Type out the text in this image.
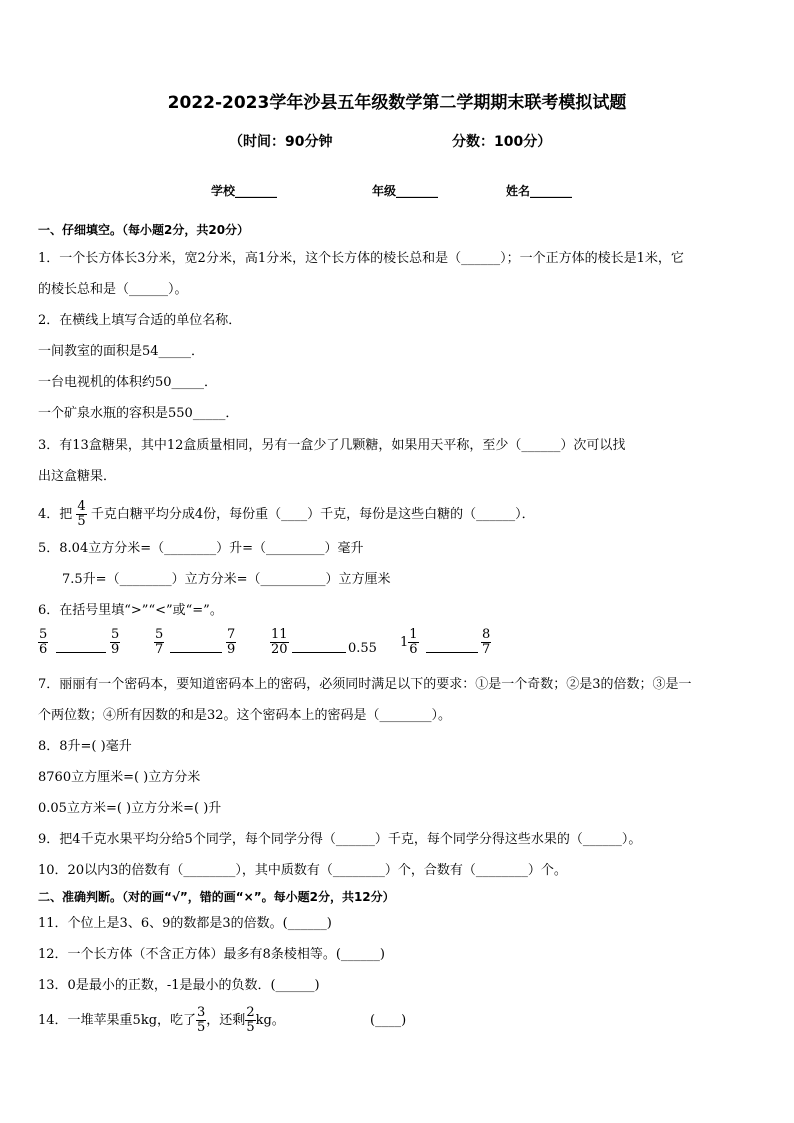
2022-2023学年沙县五年级数学第二学期期末联考模拟试题
（时间：90分钟	分数：100分）
学校_______	年级_______	姓名_______
一、仔细填空。（每小题2分，共20分）
1．一个长方体长3分米，宽2分米，高1分米，这个长方体的棱长总和是（______）；一个正方体的棱长是1米，它
的棱长总和是（______）。
2．在横线上填写合适的单位名称．
一间教室的面积是54_____．
一台电视机的体积约50_____．
一个矿泉水瓶的容积是550_____．
3．有13盒糖果，其中12盒质量相同，另有一盒少了几颗糖，如果用天平称，至少（______）次可以找
出这盒糖果．
4．把 $\frac{4}{5}$ 千克白糖平均分成4份，每份重（____）千克，每份是这些白糖的（______）．
5．8.04立方分米=（________）升=（_________）毫升
7.5升=（________）立方分米=（__________）立方厘米
6．在括号里填“>”“<”或“=”。
$\frac{5}{6}$	$\frac{5}{9}$	$\frac{5}{7}$	$\frac{7}{9}$	$\frac{11}{20}$	0.55 $1 \frac{1}{6}$	$\frac{8}{7}$
7．丽丽有一个密码本，要知道密码本上的密码，必须同时满足以下的要求：①是一个奇数；②是3的倍数；③是一
个两位数；④所有因数的和是32。这个密码本上的密码是（________）。
8．8升=( )毫升
8760立方厘米=( )立方分米
0.05立方米=( )立方分米=( )升
9．把4千克水果平均分给5个同学，每个同学分得（______）千克，每个同学分得这些水果的（______）。
10．20以内3的倍数有（________），其中质数有（________）个，合数有（________）个。
二、准确判断。（对的画“√”，错的画“×”。每小题2分，共12分）
11．个位上是3、6、9的数都是3的倍数。(______)
12．一个长方体（不含正方体）最多有8条棱相等。(______)
13．0是最小的正数，-1是最小的负数．(______)
14．一堆苹果重5kg，吃了 $\frac{3}{5}$ ，还剩 $\frac{2}{5}$ kg。	(____)
